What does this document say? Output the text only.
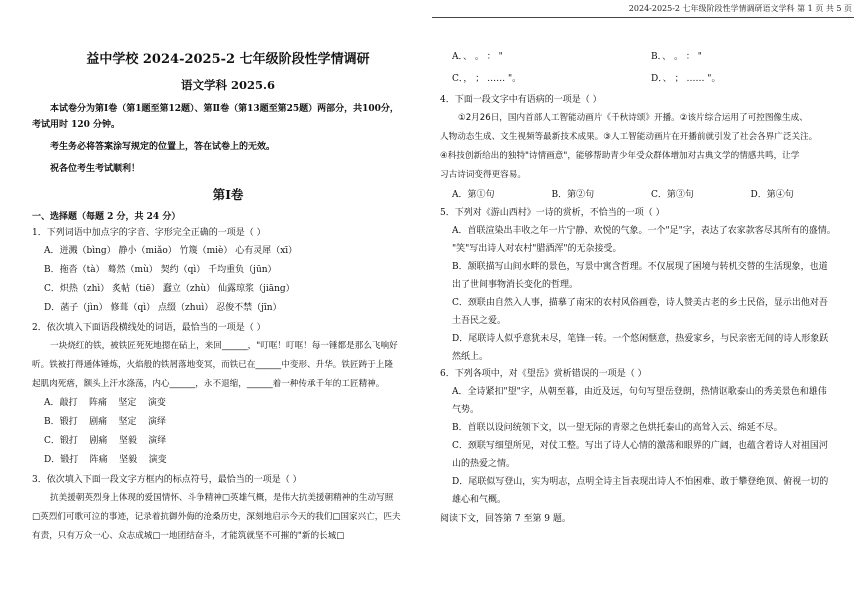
2024-2025-2 七年级阶段性学情调研语文学科 第 1 页 共 5 页
益中学校 2024-2025-2 七年级阶段性学情调研
语文学科 2025.6

本试卷分为第Ⅰ卷（第1题至第12题）、第Ⅱ卷（第13题至第25题）两部分，共100分，

考试用时 120 分钟。

考生务必将答案涂写规定的位置上，答在试卷上的无效。

祝各位考生考试顺利！

第Ⅰ卷
一、选择题（每题 2 分，共 24 分）
1．下列词语中加点字的字音、字形完全正确的一项是（ ）
A．迸溅（bìng） 静小（miǎo） 竹篾（miè） 心有灵犀（xī）
B．拖沓（tà） 蓦然（mù） 契约（qì） 千均重负（jūn）
C．炽热（zhì） 炙帖（tiē） 蠢立（zhù） 仙露琼浆（jiāng）
D．菡子（jìn） 修葺（qì） 点缀（zhuì） 忍俊不禁（jīn）
2．依次填入下面语段横线处的词语，最恰当的一项是（ ）
一块烧红的铁，被铁匠死死地摁在砧上，来回______，"叮哐！叮哐！每一锤都是那么飞响好
听。铁被打得通体锤炼，火焰般的铁屑落地变冥，而铁已在______中变形、升华。铁匠踌于上隆
起肌肉死瘩，额头上汗水涤荡，内心______，永不退缩，______着一种传承千年的工匠精神。
A．敲打 阵痛 坚定 演变
B．锻打 剧痛 坚定 演绎
C．锻打 剧痛 坚毅 演绎
D．锻打 阵痛 坚毅 演变
3．依次填入下面一段文字方框内的标点符号，最恰当的一项是（ ）
抗美援朝英烈身上体现的爱国情怀、斗争精神□英雄气概，是伟大抗美援朝精神的生动写照
□英烈们可歌可泣的事迹，记录着抗御外侮的沧桑历史，深刻地启示今天的我们□国家兴亡，匹夫
有责，只有万众一心、众志成城□一地团结奋斗，才能筑就坚不可摧的"新的长城□
A．、 。 ： "	B．、 。 ： "
C．， ； …… "。	D．、 ； …… "。
4．下面一段文字中有语病的一项是（ ）
①2月26日，国内首部人工智能动画片《千秋诗颂》开播。②该片综合运用了可控图像生成、
人物动态生成、文生视频等最新技术成果。③人工智能动画片在开播前就引发了社会各界广泛关注。
④科技创新给出的独特"诗情画意"，能够帮助青少年受众群体增加对古典文学的情感共鸣，让学
习古诗词变得更容易。
A．第①句	B．第②句	C．第③句	D．第④句
5．下列对《游山西村》一诗的赏析，不恰当的一项（ ）
A．首联渲染出丰收之年一片宁静、欢悦的气象。一个"足"字，表达了农家款客尽其所有的盛情。
"笑"写出诗人对农村"腊酒浑"的无杂接受。
B．颔联描写山间水畔的景色，写景中寓含哲理。不仅展现了困境与转机交替的生活现象，也道
出了世间事物消长变化的哲理。
C．颈联由自然入人事，描摹了南宋的农村风俗画卷，诗人赞美古老的乡土民俗，显示出他对吾
土吾民之爱。
D．尾联诗人似乎意犹未尽，笔锋一转。一个悠闲惬意，热爱家乡，与民亲密无间的诗人形象跃
然纸上。
6．下列各项中，对《望岳》赏析错误的一项是（ ）
A．全诗紧扣"望"字，从朝至暮，由近及远，句句写望岳登朗，热情讴歌泰山的秀美景色和雄伟
气势。
B．首联以设问统领下文，以一望无际的青翠之色烘托泰山的高耸入云、绵延不尽。
C．颈联写细望所见，对仗工整。写出了诗人心情的激荡和眼界的广阔，也蕴含着诗人对祖国河
山的热爱之情。
D．尾联似写登山，实为明志，点明全诗主旨表现出诗人不怕困难、敢于攀登绝顶、俯视一切的
雄心和气概。
阅读下文，回答第 7 至第 9 题。
